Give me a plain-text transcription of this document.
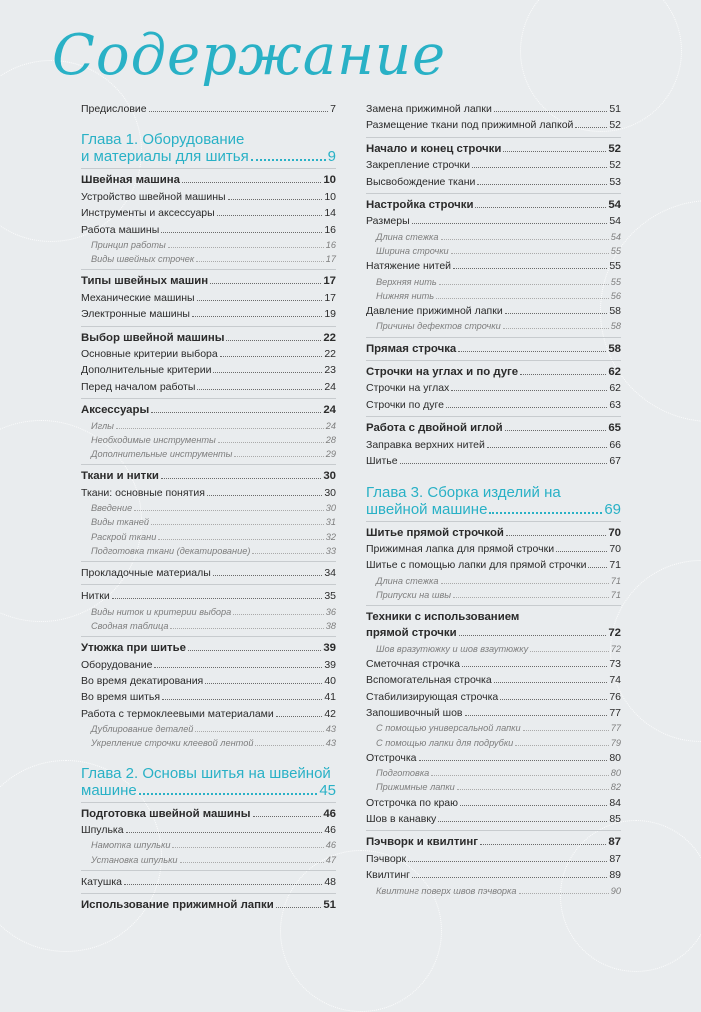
Содержание
Предисловие	7
Глава 1. Оборудование
и материалы для шитья	9
Швейная машина	10
Устройство швейной машины	10
Инструменты и аксессуары	14
Работа машины	16
Принцип работы	16
Виды швейных строчек	17
Типы швейных машин	17
Механические машины	17
Электронные машины	19
Выбор швейной машины	22
Основные критерии выбора	22
Дополнительные критерии	23
Перед началом работы	24
Аксессуары	24
Иглы	24
Необходимые инструменты	28
Дополнительные инструменты	29
Ткани и нитки	30
Ткани: основные понятия	30
Введение	30
Виды тканей	31
Раскрой ткани	32
Подготовка ткани (декатирование)	33
Прокладочные материалы	34
Нитки	35
Виды ниток и критерии выбора	36
Сводная таблица	38
Утюжка при шитье	39
Оборудование	39
Во время декатирования	40
Во время шитья	41
Работа с термоклеевыми материалами	42
Дублирование деталей	43
Укрепление строчки клеевой лентой	43
Глава 2. Основы шитья на швейной
машине	45
Подготовка швейной машины	46
Шпулька	46
Намотка шпульки	46
Установка шпульки	47
Катушка	48
Использование прижимной лапки	51
Замена прижимной лапки	51
Размещение ткани под прижимной лапкой	52
Начало и конец строчки	52
Закрепление строчки	52
Высвобождение ткани	53
Настройка строчки	54
Размеры	54
Длина стежка	54
Ширина строчки	55
Натяжение нитей	55
Верхняя нить	55
Нижняя нить	56
Давление прижимной лапки	58
Причины дефектов строчки	58
Прямая строчка	58
Строчки на углах и по дуге	62
Строчки на углах	62
Строчки по дуге	63
Работа с двойной иглой	65
Заправка верхних нитей	66
Шитье	67
Глава 3. Сборка изделий на
швейной машине	69
Шитье прямой строчкой	70
Прижимная лапка для прямой строчки	70
Шитье с помощью лапки для прямой строчки 71
Длина стежка	71
Припуски на швы	71
Техники с использованием
прямой строчки	72
Шов вразутюжку и шов взаутюжку	72
Сметочная строчка	73
Вспомогательная строчка	74
Стабилизирующая строчка	76
Запошивочный шов	77
С помощью универсальной лапки	77
С помощью лапки для подрубки	79
Отстрочка	80
Подготовка	80
Прижимные лапки	82
Отстрочка по краю	84
Шов в канавку	85
Пэчворк и квилтинг	87
Пэчворк	87
Квилтинг	89
Квилтинг поверх швов пэчворка	90
